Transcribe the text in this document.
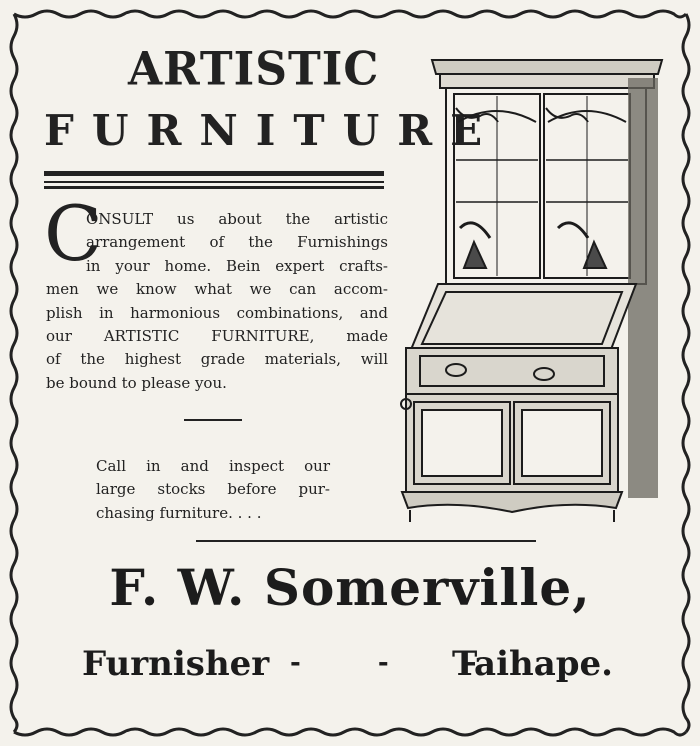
ARTISTIC
FURNITURE
C
ONSULT us about the artistic
arrangement of the Furnishings
in your home. Bein expert crafts-
men we know what we can accom-
plish in harmonious combinations, and
our ARTISTIC FURNITURE, made
of the highest grade materials, will
be bound to please you.
Call in and inspect our
large stocks before pur-
chasing furniture. . . .
F. W. Somerville,
Furnisher - - -
Taihape.
